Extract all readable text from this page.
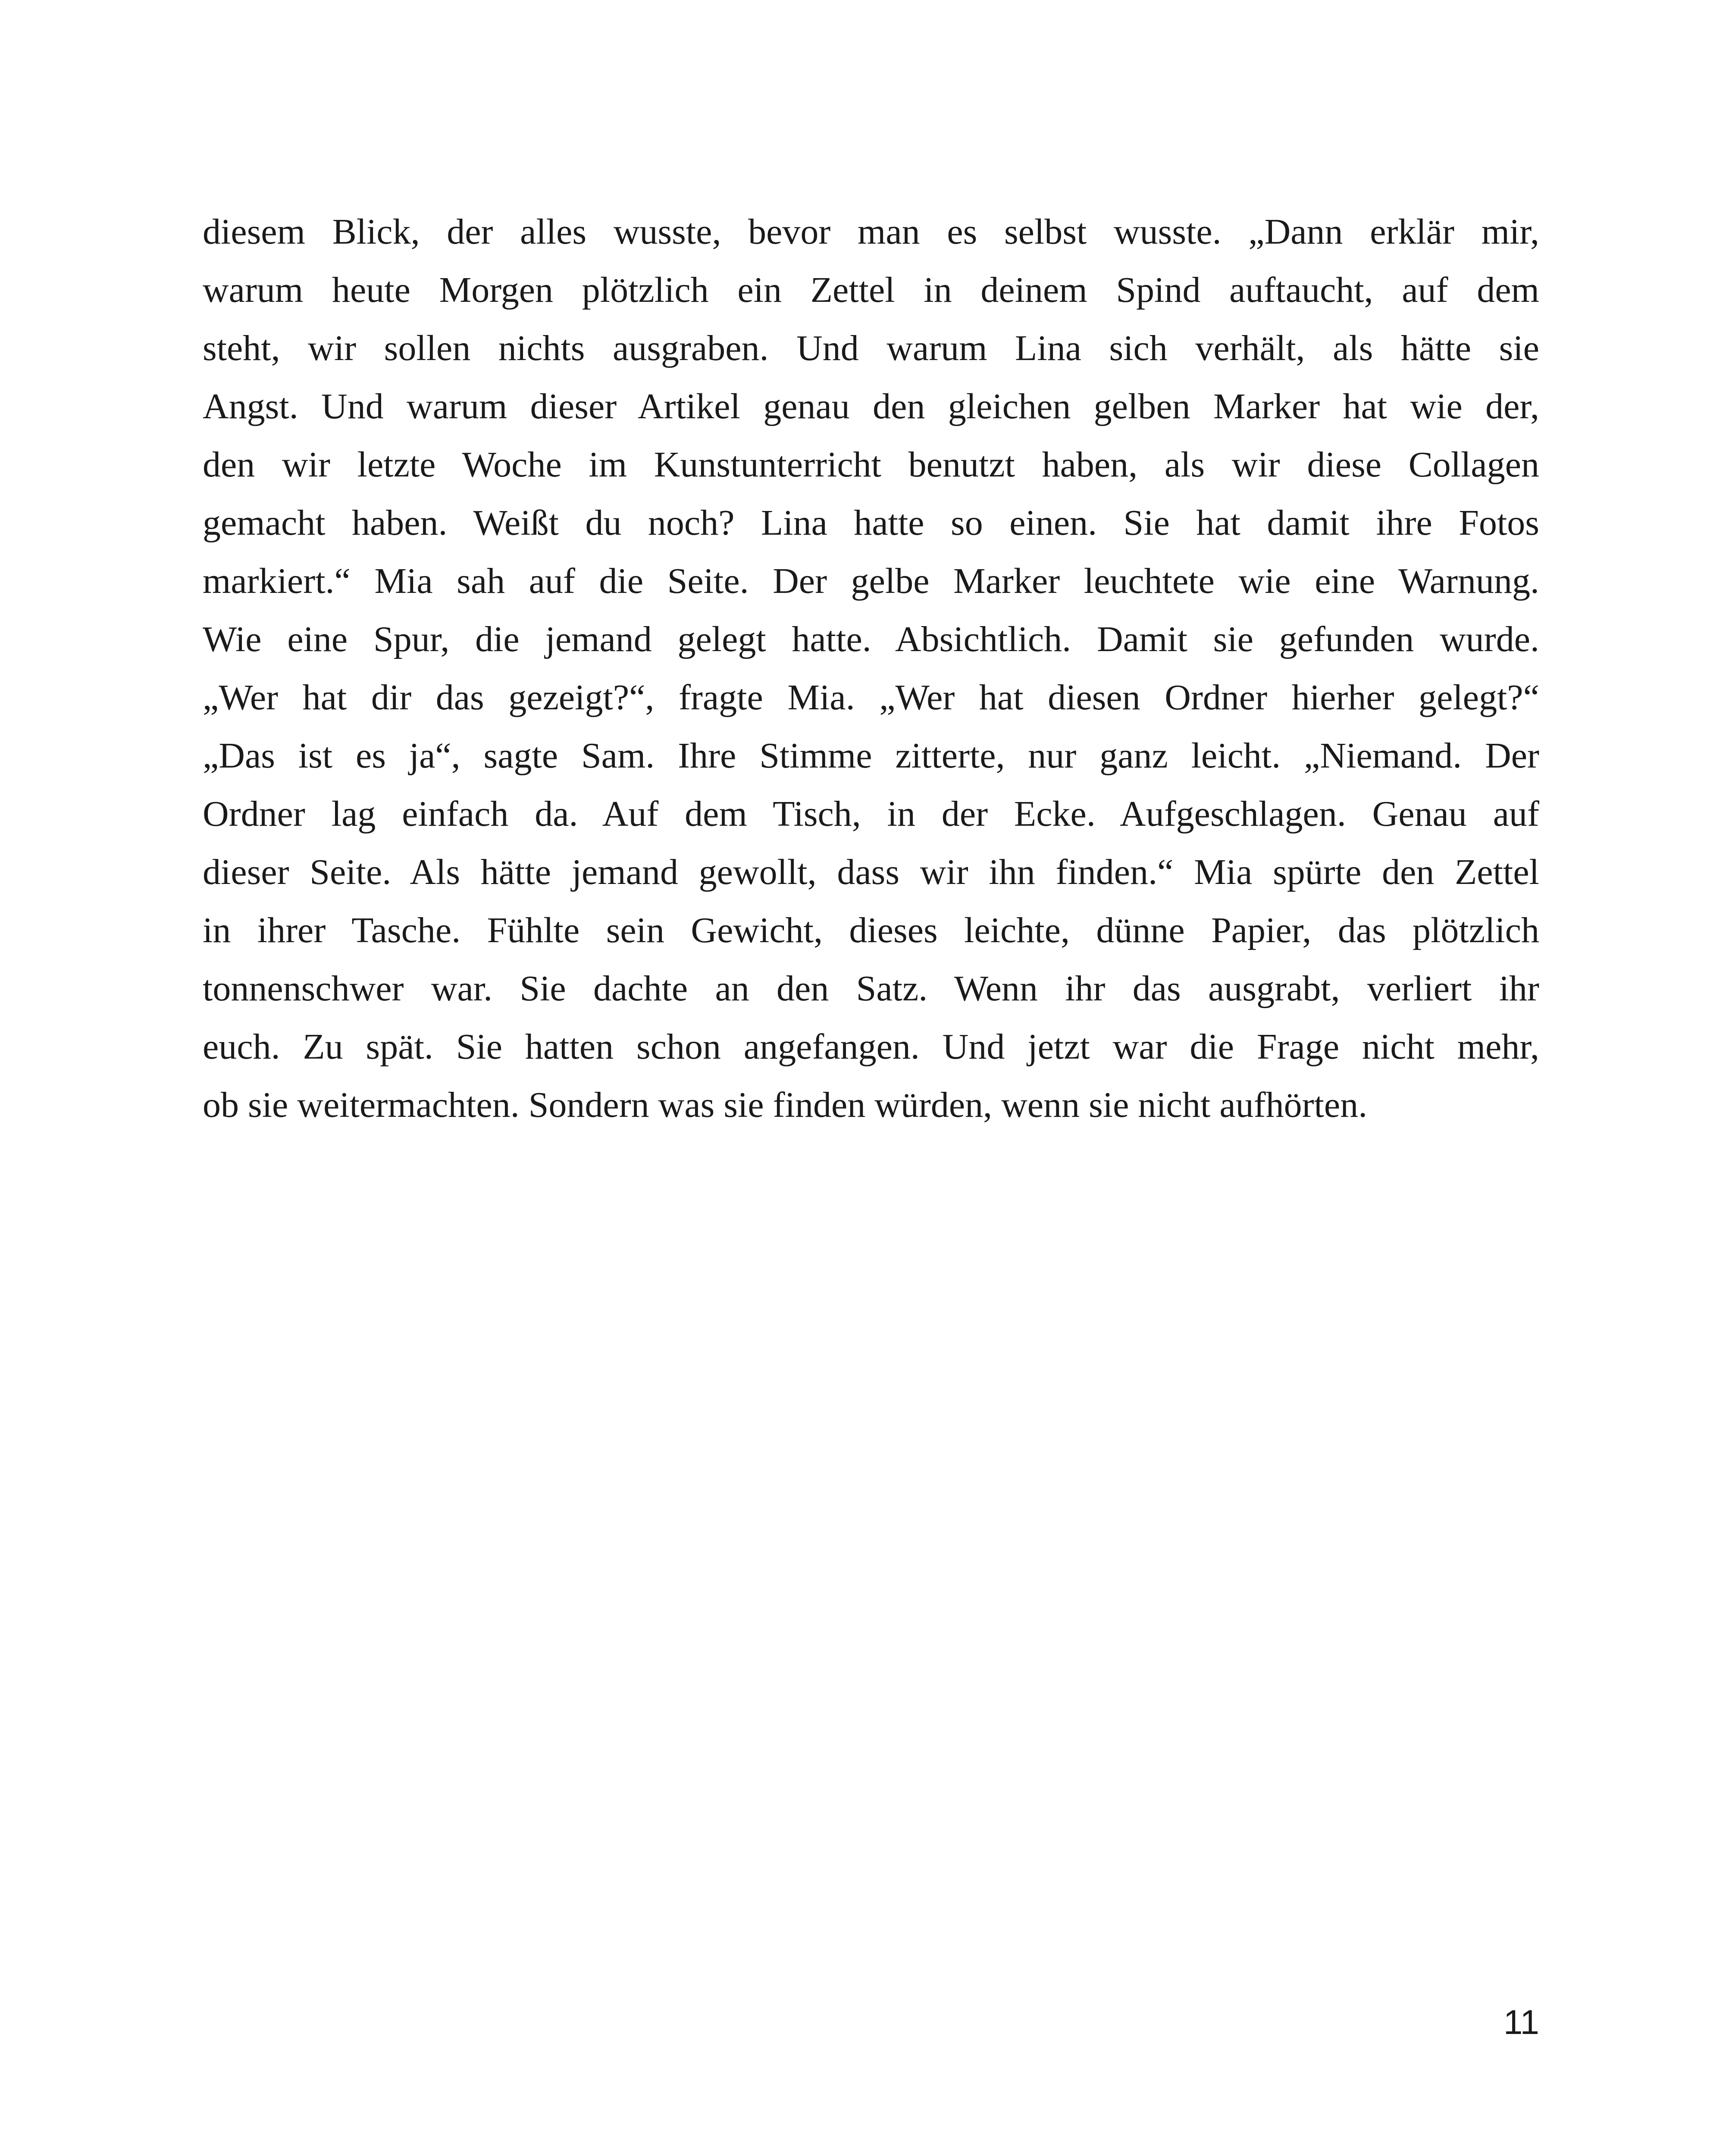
diesem Blick, der alles wusste, bevor man es selbst wusste. „Dann erklär mir,
warum heute Morgen plötzlich ein Zettel in deinem Spind auftaucht, auf dem
steht, wir sollen nichts ausgraben. Und warum Lina sich verhält, als hätte sie
Angst. Und warum dieser Artikel genau den gleichen gelben Marker hat wie der,
den wir letzte Woche im Kunstunterricht benutzt haben, als wir diese Collagen
gemacht haben. Weißt du noch? Lina hatte so einen. Sie hat damit ihre Fotos
markiert.“ Mia sah auf die Seite. Der gelbe Marker leuchtete wie eine Warnung.
Wie eine Spur, die jemand gelegt hatte. Absichtlich. Damit sie gefunden wurde.
„Wer hat dir das gezeigt?“, fragte Mia. „Wer hat diesen Ordner hierher gelegt?“
„Das ist es ja“, sagte Sam. Ihre Stimme zitterte, nur ganz leicht. „Niemand. Der
Ordner lag einfach da. Auf dem Tisch, in der Ecke. Aufgeschlagen. Genau auf
dieser Seite. Als hätte jemand gewollt, dass wir ihn finden.“ Mia spürte den Zettel
in ihrer Tasche. Fühlte sein Gewicht, dieses leichte, dünne Papier, das plötzlich
tonnenschwer war. Sie dachte an den Satz. Wenn ihr das ausgrabt, verliert ihr
euch. Zu spät. Sie hatten schon angefangen. Und jetzt war die Frage nicht mehr,
ob sie weitermachten. Sondern was sie finden würden, wenn sie nicht aufhörten.
11
